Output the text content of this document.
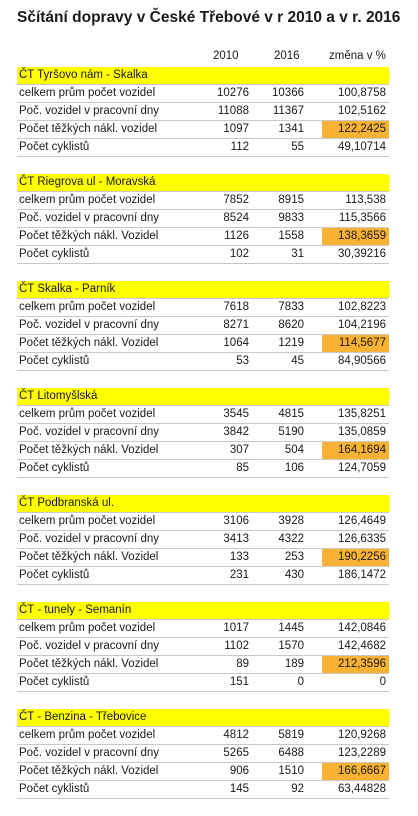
Sčítání dopravy v České Třebové v r 2010 a v r. 2016
2010	2016	změna v %
ČT Tyršovo nám - Skalka
celkem prům počet vozidel	10276 10366	100,8758
Poč. vozidel v pracovní dny	11088 11367	102,5162
Počet těžkých nákl. vozidel	1097	1341	122,2425
Počet cyklistů	112	55	49,10714
ČT Riegrova ul - Moravská
celkem prům počet vozidel	7852	8915	113,538
Poč. vozidel v pracovní dny	8524	9833	115,3566
Počet těžkých nákl. Vozidel	1126	1558	138,3659
Počet cyklistů	102	31	30,39216
ČT Skalka - Parník
celkem prům počet vozidel	7618	7833	102,8223
Poč. vozidel v pracovní dny	8271	8620	104,2196
Počet těžkých nákl. Vozidel	1064	1219	114,5677
Počet cyklistů	53	45	84,90566
ČT Litomyšlská
celkem prům počet vozidel	3545	4815	135,8251
Poč. vozidel v pracovní dny	3842	5190	135,0859
Počet těžkých nákl. Vozidel	307	504	164,1694
Počet cyklistů	85	106	124,7059
ČT Podbranská ul.
celkem prům počet vozidel	3106	3928	126,4649
Poč. vozidel v pracovní dny	3413	4322	126,6335
Počet těžkých nákl. Vozidel	133	253	190,2256
Počet cyklistů	231	430	186,1472
ČT - tunely - Semanín
celkem prům počet vozidel	1017	1445	142,0846
Poč. vozidel v pracovní dny	1102	1570	142,4682
Počet těžkých nákl. Vozidel	89	189	212,3596
Počet cyklistů	151	0	0
ČT - Benzina - Třebovice
celkem prům počet vozidel	4812	5819	120,9268
Poč. vozidel v pracovní dny	5265	6488	123,2289
Počet těžkých nákl. Vozidel	906	1510	166,6667
Počet cyklistů	145	92	63,44828
